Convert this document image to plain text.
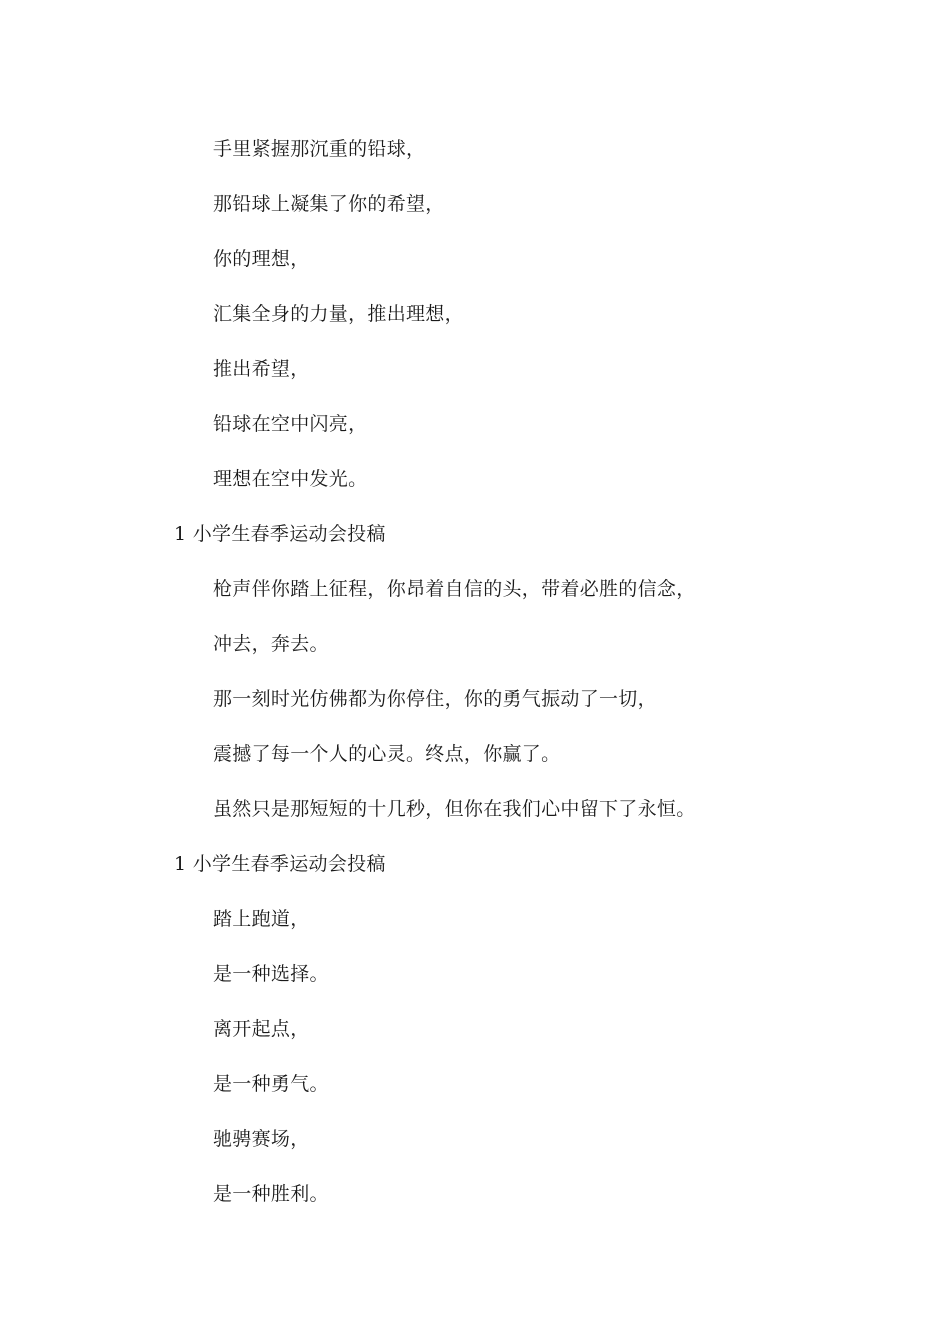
手里紧握那沉重的铅球，
那铅球上凝集了你的希望，
你的理想，
汇集全身的力量，推出理想，
推出希望，
铅球在空中闪亮，
理想在空中发光。
1 小学生春季运动会投稿
枪声伴你踏上征程，你昂着自信的头，带着必胜的信念，
冲去，奔去。
那一刻时光仿佛都为你停住，你的勇气振动了一切，
震撼了每一个人的心灵。终点，你赢了。
虽然只是那短短的十几秒，但你在我们心中留下了永恒。
1 小学生春季运动会投稿
踏上跑道，
是一种选择。
离开起点，
是一种勇气。
驰骋赛场，
是一种胜利。
